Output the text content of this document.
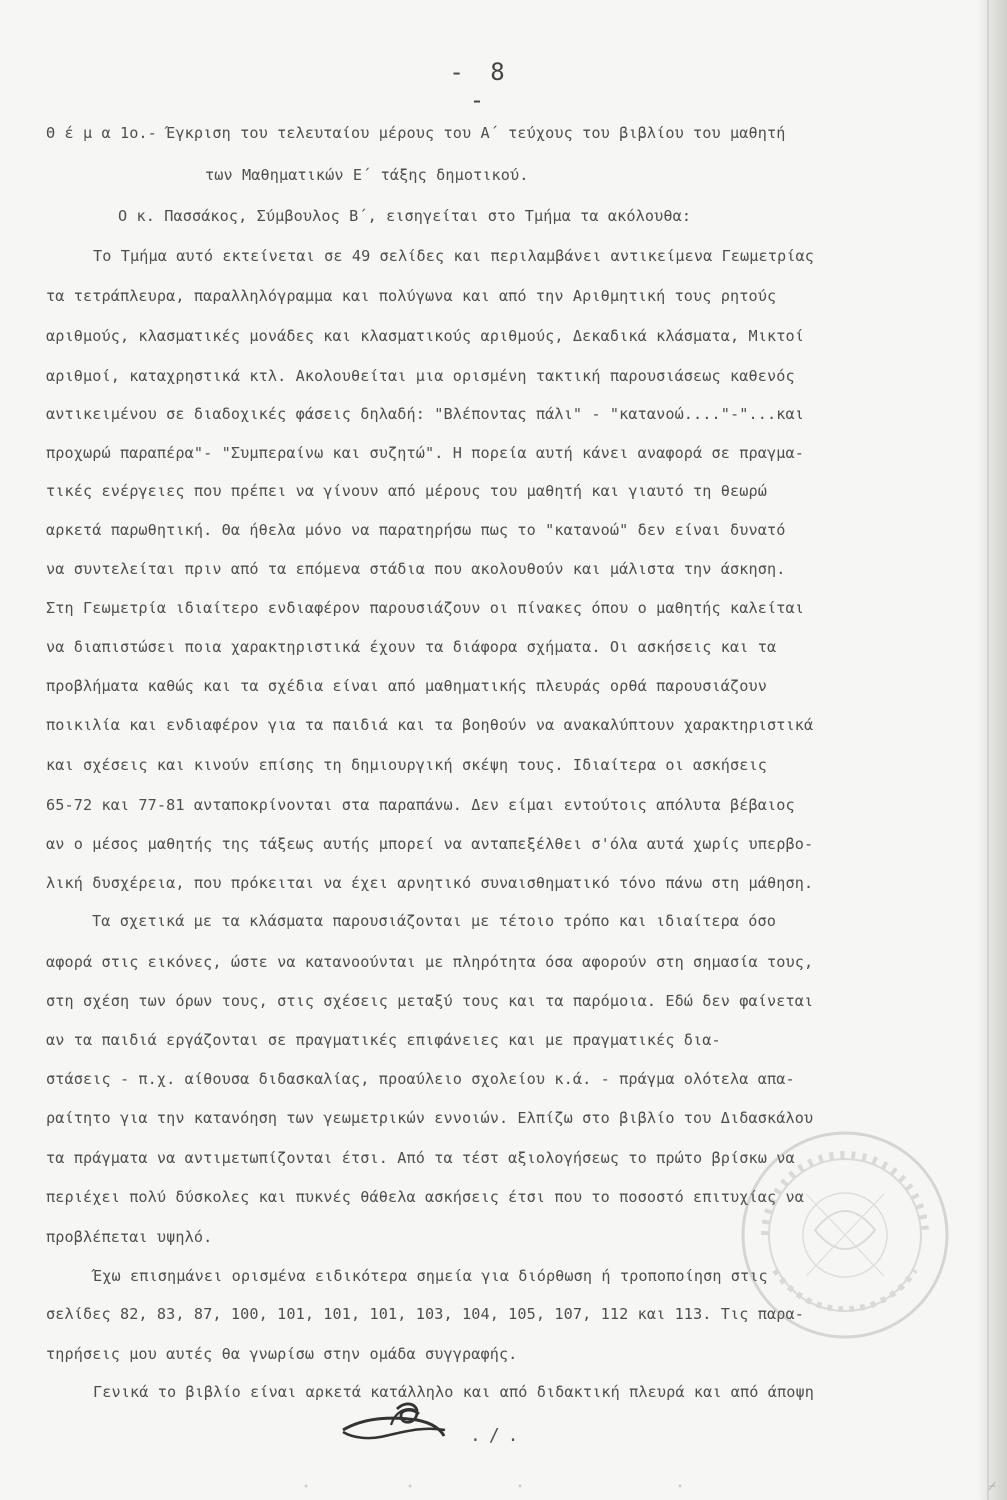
- 8 -
Θ έ μ α 1ο.- Έγκριση του τελευταίου μέρους του Α΄ τεύχους του βιβλίου του μαθητή
των Μαθηματικών Ε΄ τάξης δημοτικού.
Ο κ. Πασσάκος, Σύμβουλος Β΄, εισηγείται στο Τμήμα τα ακόλουθα:
Το Τμήμα αυτό εκτείνεται σε 49 σελίδες και περιλαμβάνει αντικείμενα Γεωμετρίας
τα τετράπλευρα, παραλληλόγραμμα και πολύγωνα και από την Αριθμητική τους ρητούς
αριθμούς, κλασματικές μονάδες και κλασματικούς αριθμούς, Δεκαδικά κλάσματα, Μικτοί
αριθμοί, καταχρηστικά κτλ. Ακολουθείται μια ορισμένη τακτική παρουσιάσεως καθενός
αντικειμένου σε διαδοχικές φάσεις δηλαδή: "Βλέποντας πάλι" - "κατανοώ...."-"...και
προχωρώ παραπέρα"- "Συμπεραίνω και συζητώ". Η πορεία αυτή κάνει αναφορά σε πραγμα-
τικές ενέργειες που πρέπει να γίνουν από μέρους του μαθητή και γιαυτό τη θεωρώ
αρκετά παρωθητική. Θα ήθελα μόνο να παρατηρήσω πως το "κατανοώ" δεν είναι δυνατό
να συντελείται πριν από τα επόμενα στάδια που ακολουθούν και μάλιστα την άσκηση.
Στη Γεωμετρία ιδιαίτερο ενδιαφέρον παρουσιάζουν οι πίνακες όπου ο μαθητής καλείται
να διαπιστώσει ποια χαρακτηριστικά έχουν τα διάφορα σχήματα. Οι ασκήσεις και τα
προβλήματα καθώς και τα σχέδια είναι από μαθηματικής πλευράς ορθά παρουσιάζουν
ποικιλία και ενδιαφέρον για τα παιδιά και τα βοηθούν να ανακαλύπτουν χαρακτηριστικά
και σχέσεις και κινούν επίσης τη δημιουργική σκέψη τους. Ιδιαίτερα οι ασκήσεις
65-72 και 77-81 ανταποκρίνονται στα παραπάνω. Δεν είμαι εντούτοις απόλυτα βέβαιος
αν ο μέσος μαθητής της τάξεως αυτής μπορεί να ανταπεξέλθει σ'όλα αυτά χωρίς υπερβο-
λική δυσχέρεια, που πρόκειται να έχει αρνητικό συναισθηματικό τόνο πάνω στη μάθηση.
Τα σχετικά με τα κλάσματα παρουσιάζονται με τέτοιο τρόπο και ιδιαίτερα όσο
αφορά στις εικόνες, ώστε να κατανοούνται με πληρότητα όσα αφορούν στη σημασία τους,
στη σχέση των όρων τους, στις σχέσεις μεταξύ τους και τα παρόμοια. Εδώ δεν φαίνεται
αν τα παιδιά εργάζονται σε πραγματικές επιφάνειες και με πραγματικές δια-
στάσεις - π.χ. αίθουσα διδασκαλίας, προαύλειο σχολείου κ.ά. - πράγμα ολότελα απα-
ραίτητο για την κατανόηση των γεωμετρικών εννοιών. Ελπίζω στο βιβλίο του Διδασκάλου
τα πράγματα να αντιμετωπίζονται έτσι. Από τα τέστ αξιολογήσεως το πρώτο βρίσκω να
περιέχει πολύ δύσκολες και πυκνές θάθελα ασκήσεις έτσι που το ποσοστό επιτυχίας να
προβλέπεται υψηλό.
Έχω επισημάνει ορισμένα ειδικότερα σημεία για διόρθωση ή τροποποίηση στις
σελίδες 82, 83, 87, 100, 101, 101, 101, 103, 104, 105, 107, 112 και 113. Τις παρα-
τηρήσεις μου αυτές θα γνωρίσω στην ομάδα συγγραφής.
Γενικά το βιβλίο είναι αρκετά κατάλληλο και από διδακτική πλευρά και από άποψη
./.
